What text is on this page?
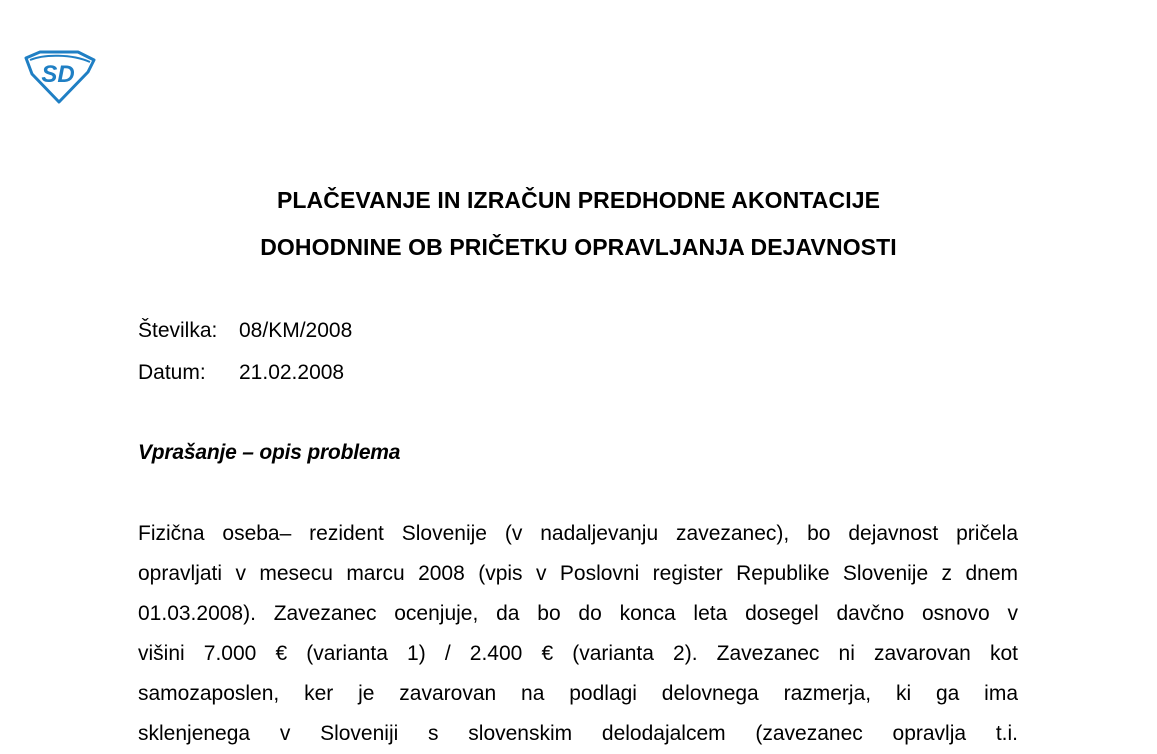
SD
PLAČEVANJE IN IZRAČUN PREDHODNE AKONTACIJE
DOHODNINE OB PRIČETKU OPRAVLJANJA DEJAVNOSTI
Številka: 08/KM/2008
Datum: 21.02.2008
Vprašanje – opis problema
Fizična oseba– rezident Slovenije (v nadaljevanju zavezanec), bo dejavnost pričela
opravljati v mesecu marcu 2008 (vpis v Poslovni register Republike Slovenije z dnem
01.03.2008). Zavezanec ocenjuje, da bo do konca leta dosegel davčno osnovo v
višini 7.000 € (varianta 1) / 2.400 € (varianta 2). Zavezanec ni zavarovan kot
samozaposlen, ker je zavarovan na podlagi delovnega razmerja, ki ga ima
sklenjenega v Sloveniji s slovenskim delodajalcem (zavezanec opravlja t.i.
